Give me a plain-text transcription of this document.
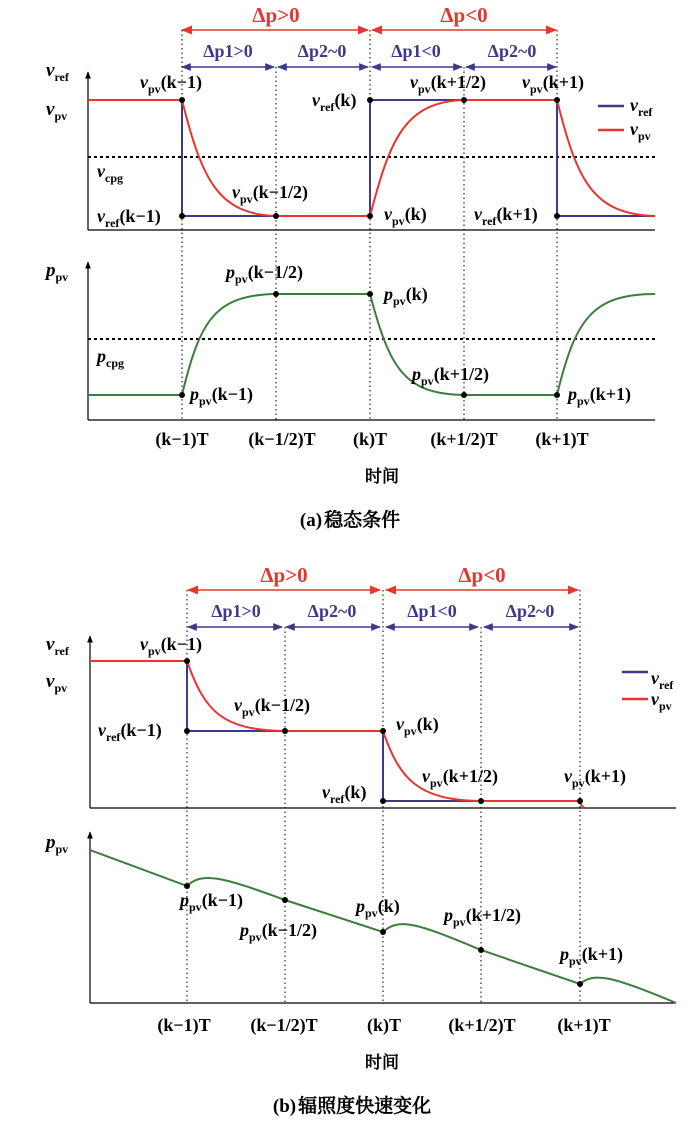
Δp>0	Δp<0
Δp1>0 Δp2~0 Δp1<0	Δp2~0
$v_{ref}$
$v_{pv}$
$v_{cpg}$
$v_{pv}(k-1)$
$v_{ref}(k-1)$
$v_{pv}(k-1/2)$
$v_{ref}(k)$
$v_{pv}(k)$
$v_{pv}(k+1/2)$ $v_{pv}(k+1)$
$v_{ref}(k+1)$
$v_{ref}$
$v_{pv}$
$p_{pv}$
$p_{cpg}$
$p_{pv}(k-1)$
$p_{pv}(k-1/2)$
$p_{pv}(k)$
$p_{pv}(k+1/2)$
$p_{pv}(k+1)$
(k−1)T (k−1/2)T (k)T (k+1/2)T (k+1)T
时间
(a) 稳态条件
Δp>0	Δp<0
Δp1>0	Δp2~0	Δp1<0	Δp2~0
$v_{ref}$
$v_{pv}$
$v_{pv}(k-1)$
$v_{ref}(k-1)$
$v_{pv}(k-1/2)$
$v_{pv}(k)$
$v_{ref}(k)$
$v_{pv}(k+1/2)$	$v_{pv}(k+1)$
$v_{ref}$
$v_{pv}$
$p_{pv}$
$p_{pv}(k-1)$
$p_{pv}(k-1/2)$
$p_{pv}(k)$ $p_{pv}(k+1/2)$
$p_{pv}(k+1)$
(k−1)T (k−1/2)T	(k)T	(k+1/2)T (k+1)T
时间
(b) 辐照度快速变化
